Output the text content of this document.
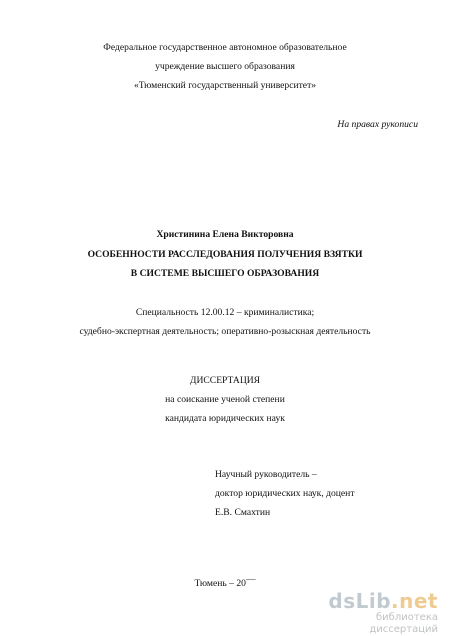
Федеральное государственное автономное образовательное
учреждение высшего образования
«Тюменский государственный университет»
На правах рукописи
Христинина Елена Викторовна
ОСОБЕННОСТИ РАССЛЕДОВАНИЯ ПОЛУЧЕНИЯ ВЗЯТКИ
В СИСТЕМЕ ВЫСШЕГО ОБРАЗОВАНИЯ
Специальность 12.00.12 – криминалистика;
судебно-экспертная деятельность; оперативно-розыскная деятельность
ДИССЕРТАЦИЯ
на соискание ученой степени
кандидата юридических наук
Научный руководитель –
доктор юридических наук, доцент
Е.В. Смахтин
Тюмень – 20¯¯
dsLib.net
библиотека диссертаций
